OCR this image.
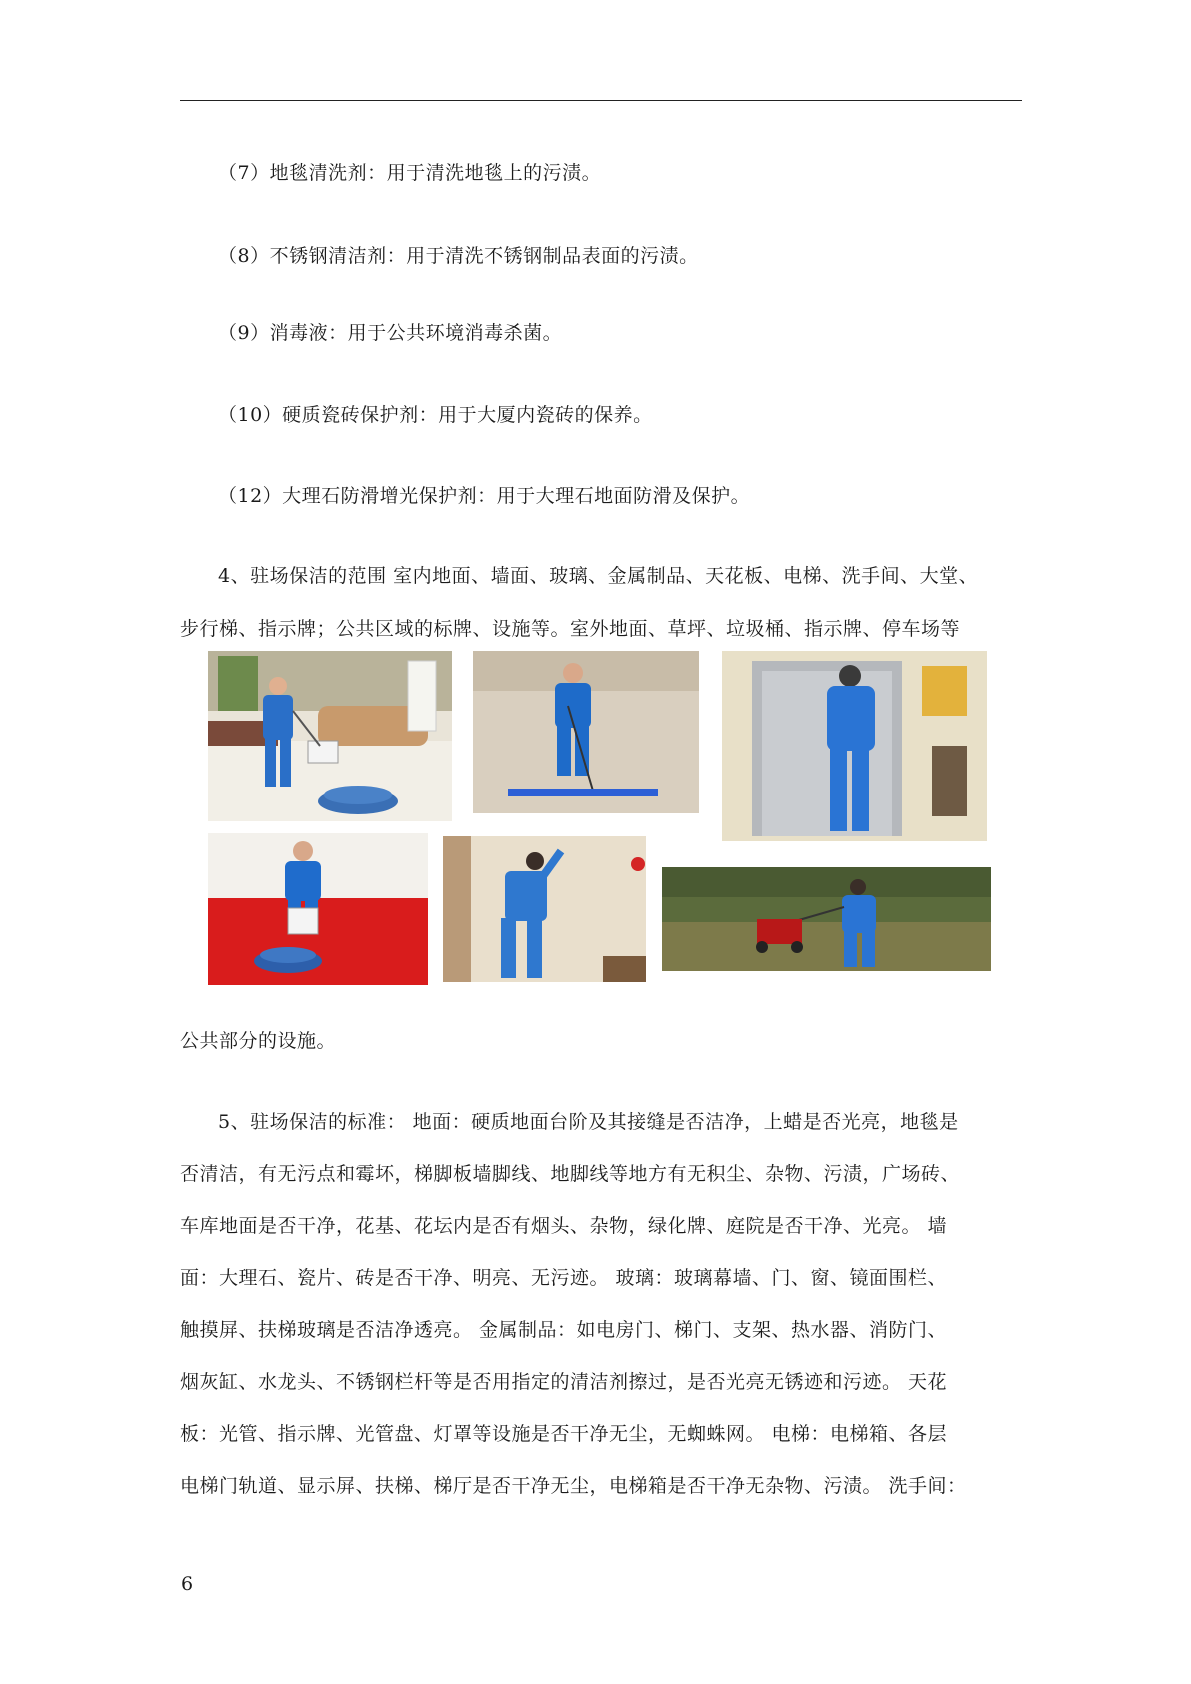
（7）地毯清洗剂：用于清洗地毯上的污渍。
（8）不锈钢清洁剂：用于清洗不锈钢制品表面的污渍。
（9）消毒液：用于公共环境消毒杀菌。
（10）硬质瓷砖保护剂：用于大厦内瓷砖的保养。
（12）大理石防滑增光保护剂：用于大理石地面防滑及保护。
4、驻场保洁的范围 室内地面、墙面、玻璃、金属制品、天花板、电梯、洗手间、大堂、
步行梯、指示牌；公共区域的标牌、设施等。室外地面、草坪、垃圾桶、指示牌、停车场等
公共部分的设施。
5、驻场保洁的标准： 地面：硬质地面台阶及其接缝是否洁净，上蜡是否光亮，地毯是
否清洁，有无污点和霉坏，梯脚板墙脚线、地脚线等地方有无积尘、杂物、污渍，广场砖、
车库地面是否干净，花基、花坛内是否有烟头、杂物，绿化牌、庭院是否干净、光亮。 墙
面：大理石、瓷片、砖是否干净、明亮、无污迹。 玻璃：玻璃幕墙、门、窗、镜面围栏、
触摸屏、扶梯玻璃是否洁净透亮。 金属制品：如电房门、梯门、支架、热水器、消防门、
烟灰缸、水龙头、不锈钢栏杆等是否用指定的清洁剂擦过，是否光亮无锈迹和污迹。 天花
板：光管、指示牌、光管盘、灯罩等设施是否干净无尘，无蜘蛛网。 电梯：电梯箱、各层
电梯门轨道、显示屏、扶梯、梯厅是否干净无尘，电梯箱是否干净无杂物、污渍。 洗手间：
6
